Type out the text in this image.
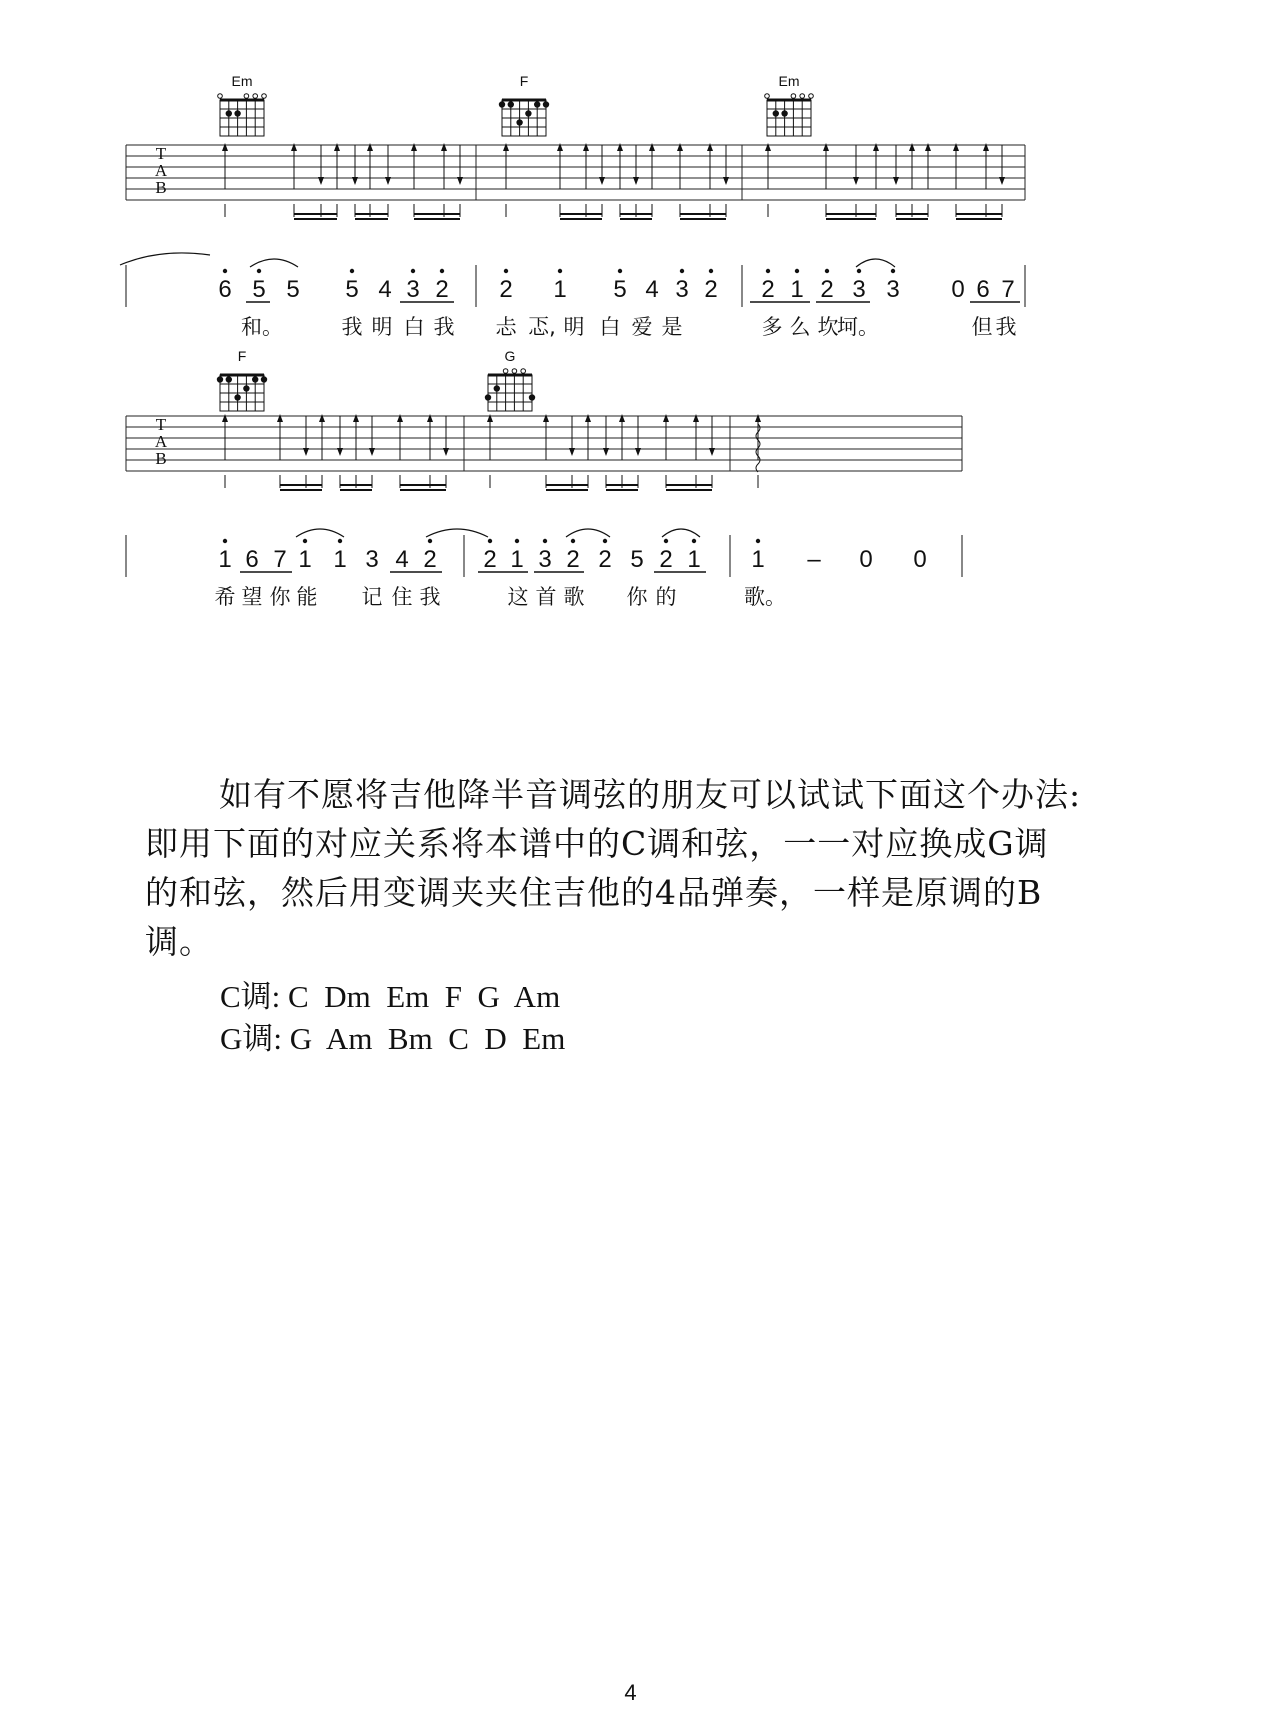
Em	F	Em
T
A
B
6 5 5 5 4 3 2 2 1 5 4 3 2 2 1 2 3 3 0 6 7
和。	我 明 白 我 忐 忑, 明 白 爱 是	多 么 坎
坷。	但 我
F	G
T
A
B
1 6 7 1 1 3 4 2 2 1 3 2 2 5 2 1 1 – 0 0
希 望 你 能 记 住 我	这 首 歌 你 的	歌。
如有不愿将吉他降半音调弦的朋友可以试试下面这个办法:
即用下面的对应关系将本谱中的C调和弦，一一对应换成G调
的和弦，然后用变调夹夹住吉他的4品弹奏，一样是原调的B
调。
C调: C  Dm  Em  F  G  Am
G调: G  Am  Bm  C  D  Em
4
